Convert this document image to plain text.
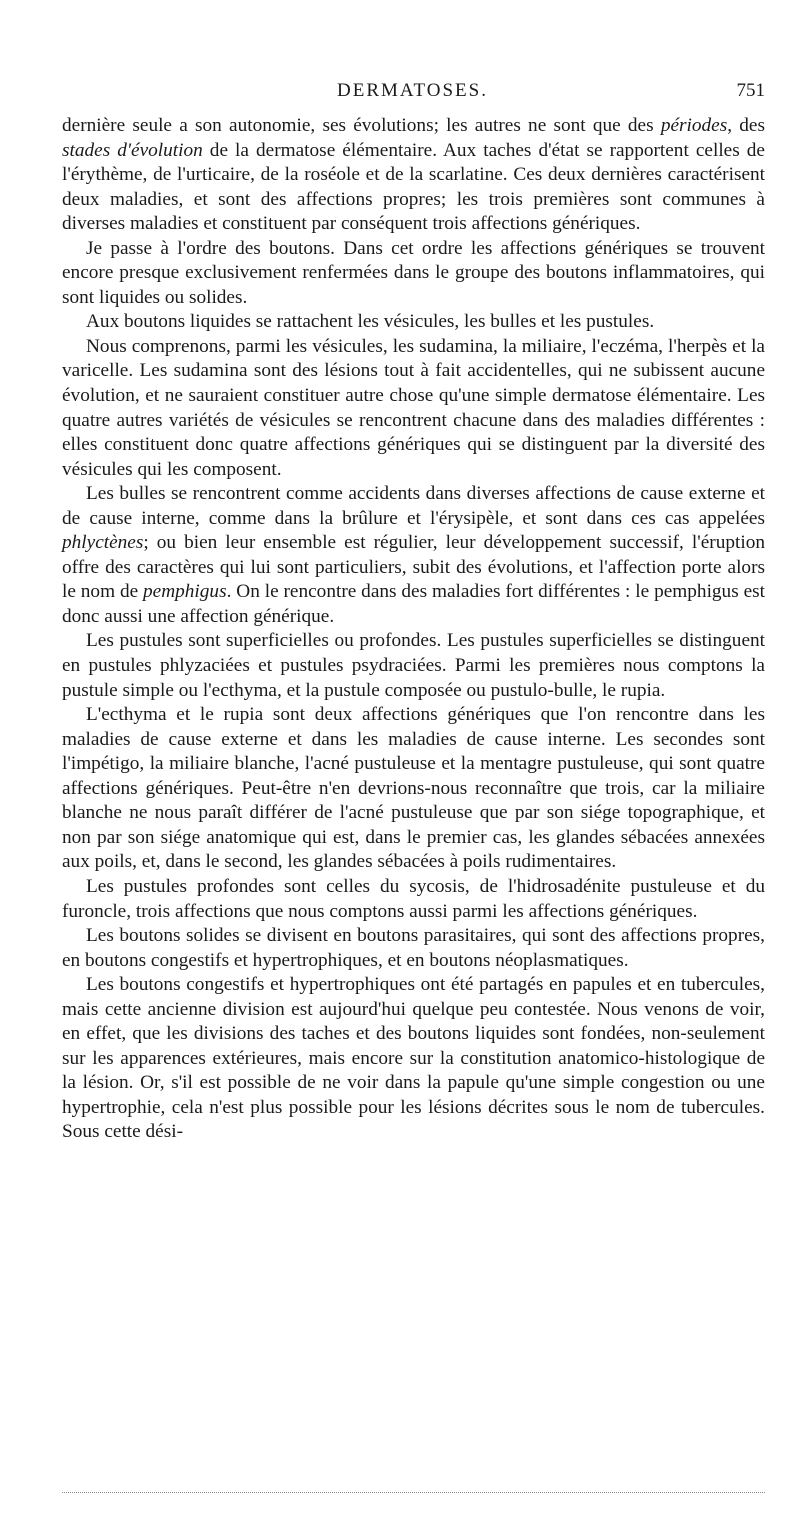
DERMATOSES.	751

dernière seule a son autonomie, ses évolutions; les autres ne sont que des périodes, des stades d'évolution de la dermatose élémentaire. Aux taches d'état se rapportent celles de l'érythème, de l'urticaire, de la roséole et de la scarlatine. Ces deux dernières caractérisent deux maladies, et sont des affections propres; les trois premières sont communes à diverses maladies et constituent par conséquent trois affections génériques.

Je passe à l'ordre des boutons. Dans cet ordre les affections génériques se trouvent encore presque exclusivement renfermées dans le groupe des boutons inflammatoires, qui sont liquides ou solides.

Aux boutons liquides se rattachent les vésicules, les bulles et les pustules.

Nous comprenons, parmi les vésicules, les sudamina, la miliaire, l'eczéma, l'herpès et la varicelle. Les sudamina sont des lésions tout à fait accidentelles, qui ne subissent aucune évolution, et ne sauraient constituer autre chose qu'une simple dermatose élémentaire. Les quatre autres variétés de vésicules se rencontrent chacune dans des maladies différentes : elles constituent donc quatre affections génériques qui se distinguent par la diversité des vésicules qui les composent.

Les bulles se rencontrent comme accidents dans diverses affections de cause externe et de cause interne, comme dans la brûlure et l'érysipèle, et sont dans ces cas appelées phlyctènes; ou bien leur ensemble est régulier, leur développement successif, l'éruption offre des caractères qui lui sont particuliers, subit des évolutions, et l'affection porte alors le nom de pemphigus. On le rencontre dans des maladies fort différentes : le pemphigus est donc aussi une affection générique.

Les pustules sont superficielles ou profondes. Les pustules superficielles se distinguent en pustules phlyzaciées et pustules psydraciées. Parmi les premières nous comptons la pustule simple ou l'ecthyma, et la pustule composée ou pustulo-bulle, le rupia.

L'ecthyma et le rupia sont deux affections génériques que l'on rencontre dans les maladies de cause externe et dans les maladies de cause interne. Les secondes sont l'impétigo, la miliaire blanche, l'acné pustuleuse et la mentagre pustuleuse, qui sont quatre affections génériques. Peut-être n'en devrions-nous reconnaître que trois, car la miliaire blanche ne nous paraît différer de l'acné pustuleuse que par son siége topographique, et non par son siége anatomique qui est, dans le premier cas, les glandes sébacées annexées aux poils, et, dans le second, les glandes sébacées à poils rudimentaires.

Les pustules profondes sont celles du sycosis, de l'hidrosadénite pustuleuse et du furoncle, trois affections que nous comptons aussi parmi les affections génériques.

Les boutons solides se divisent en boutons parasitaires, qui sont des affections propres, en boutons congestifs et hypertrophiques, et en boutons néoplasmatiques.

Les boutons congestifs et hypertrophiques ont été partagés en papules et en tubercules, mais cette ancienne division est aujourd'hui quelque peu contestée. Nous venons de voir, en effet, que les divisions des taches et des boutons liquides sont fondées, non-seulement sur les apparences extérieures, mais encore sur la constitution anatomico-histologique de la lésion. Or, s'il est possible de ne voir dans la papule qu'une simple congestion ou une hypertrophie, cela n'est plus possible pour les lésions décrites sous le nom de tubercules. Sous cette dési-
